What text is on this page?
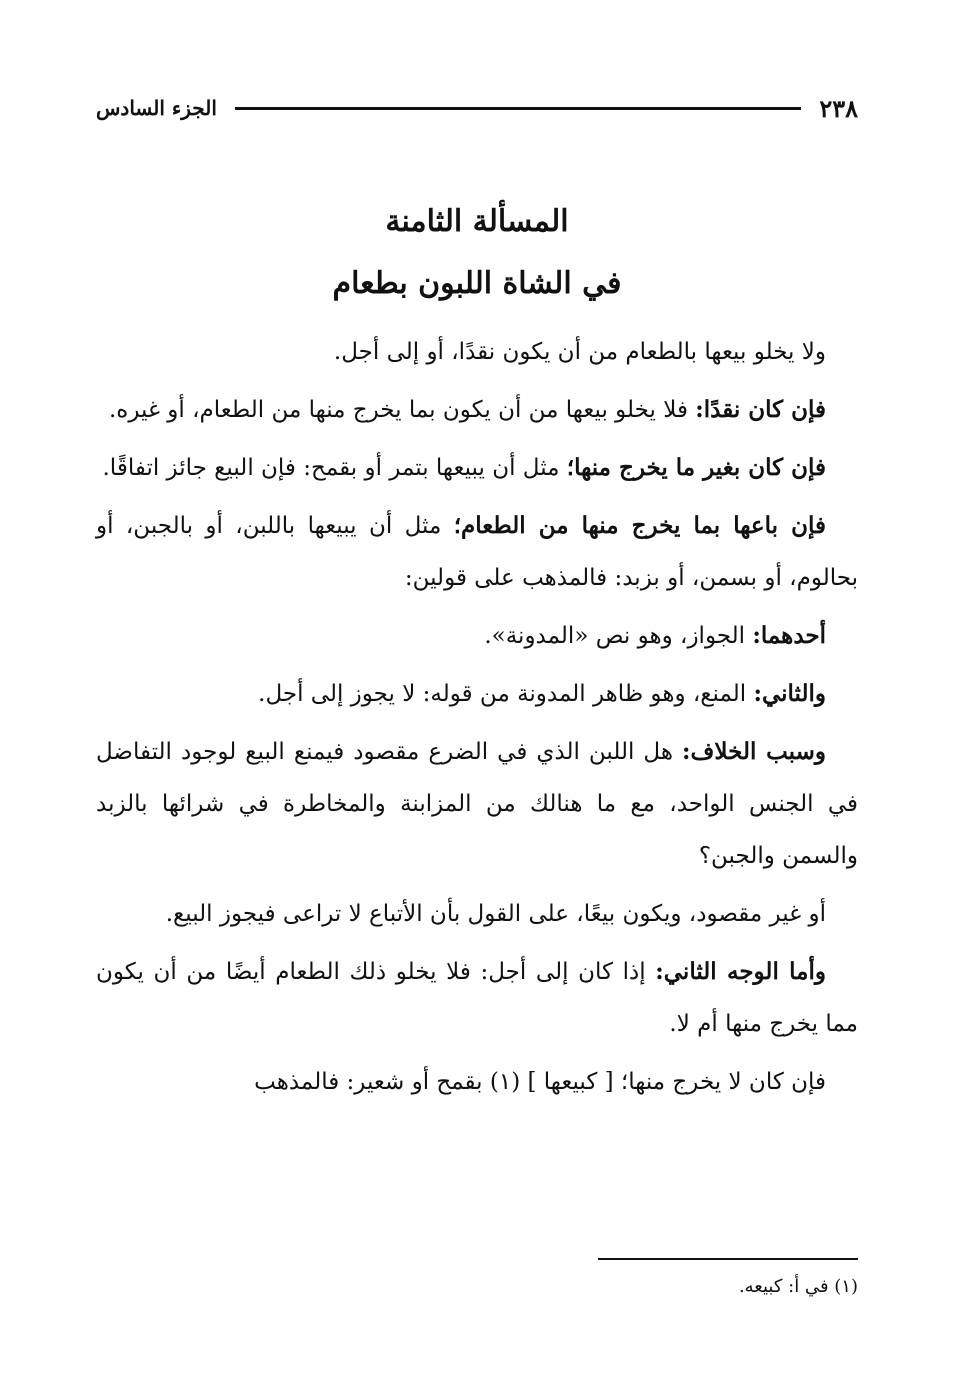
٢٣٨
الجزء السادس
المسألة الثامنة
في الشاة اللبون بطعام

ولا يخلو بيعها بالطعام من أن يكون نقدًا، أو إلى أجل.

فإن كان نقدًا: فلا يخلو بيعها من أن يكون بما يخرج منها من الطعام، أو غيره.

فإن كان بغير ما يخرج منها؛ مثل أن يبيعها بتمر أو بقمح: فإن البيع جائز اتفاقًا.

فإن باعها بما يخرج منها من الطعام؛ مثل أن يبيعها باللبن، أو بالجبن، أو بحالوم، أو بسمن، أو بزبد: فالمذهب على قولين:

أحدهما: الجواز، وهو نص «المدونة».

والثاني: المنع، وهو ظاهر المدونة من قوله: لا يجوز إلى أجل.

وسبب الخلاف: هل اللبن الذي في الضرع مقصود فيمنع البيع لوجود التفاضل في الجنس الواحد، مع ما هنالك من المزابنة والمخاطرة في شرائها بالزبد والسمن والجبن؟

أو غير مقصود، ويكون بيعًا، على القول بأن الأتباع لا تراعى فيجوز البيع.

وأما الوجه الثاني: إذا كان إلى أجل: فلا يخلو ذلك الطعام أيضًا من أن يكون مما يخرج منها أم لا.

فإن كان لا يخرج منها؛ [ كبيعها ] (١) بقمح أو شعير: فالمذهب

(١) في أ: كبيعه.
